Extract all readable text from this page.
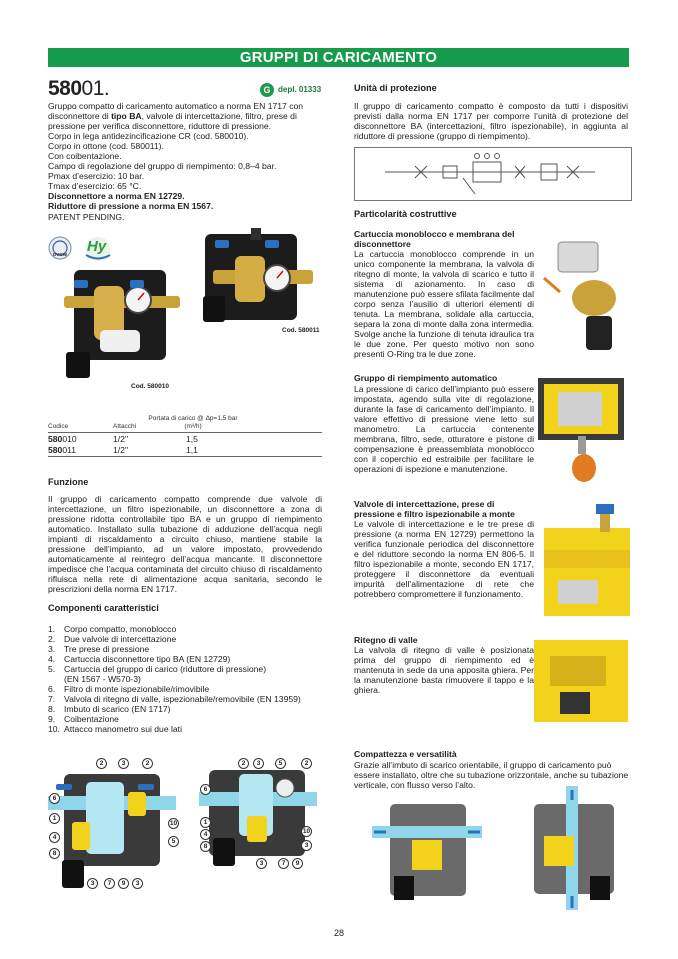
GRUPPI DI CARICAMENTO
58001.	G depl. 01333
Gruppo compatto di caricamento automatico a norma EN 1717 con
disconnettore di tipo BA, valvole di intercettazione, filtro, prese di
pressione per verifica disconnettore, riduttore di pressione.
Corpo in lega antidezincificazione CR (cod. 580010).
Corpo in ottone (cod. 580011).
Con coibentazione.
Campo di regolazione del gruppo di riempimento: 0,8–4 bar.
Pmax d’esercizio: 10 bar.
Tmax d’esercizio: 65 °C.
Disconnettore a norma EN 12729.
Riduttore di pressione a norma EN 1567.
PATENT PENDING.
DVGW	Hy
Cod. 580011
Cod. 580010
Portata di carico @ Δp=1,5 bar
(m³/h)
Codice	Attacchi
580010	1/2"	1,5
580011	1/2"	1,1
Funzione
Il gruppo di caricamento compatto comprende due valvole di intercettazione, un filtro ispezionabile, un disconnettore a zona di pressione ridotta controllabile tipo BA e un gruppo di riempimento automatico. Installato sulla tubazione di adduzione dell’acqua negli impianti di riscaldamento a circuito chiuso, mantiene stabile la pressione dell’impianto, ad un valore impostato, provvedendo automaticamente al reintegro dell’acqua mancante. Il disconnettore impedisce che l’acqua contaminata del circuito chiuso di riscaldamento rifluisca nella rete di alimentazione acqua sanitaria, secondo le prescrizioni della norma EN 1717.
Componenti caratteristici
1. Corpo compatto, monoblocco
2. Due valvole di intercettazione
3. Tre prese di pressione
4. Cartuccia disconnettore tipo BA (EN 12729)
5. Cartuccia del gruppo di carico (riduttore di pressione)
(EN 1567 - W570-3)
6. Filtro di monte ispezionabile/rimovibile
7. Valvola di ritegno di valle, ispezionabile/removibile (EN 13959)
8. Imbuto di scarico (EN 1717)
9. Coibentazione
10. Attacco manometro sui due lati
2	3	2
6
1
4
8
10
5
3	7	9	3
2	3	5	2
6
1
4
8
10
3
3	7	9
Unità di protezione
Il gruppo di caricamento compatto è composto da tutti i dispositivi previsti dalla norma EN 1717 per comporre l’unità di protezione del disconnettore BA (intercettazioni, filtro ispezionabile), in aggiunta al riduttore di pressione (gruppo di riempimento).
Particolarità costruttive
Cartuccia monoblocco e membrana del disconnettore
La cartuccia monoblocco comprende in un unico componente la membrana, la valvola di ritegno di monte, la valvola di scarico e tutto il sistema di azionamento. In caso di manutenzione può essere sfilata facilmente dal corpo senza l’ausilio di ulteriori elementi di tenuta. La membrana, solidale alla cartuccia, separa la zona di monte dalla zona intermedia. Svolge anche la funzione di tenuta idraulica tra le due zone. Per questo motivo non sono presenti O-Ring tra le due zone.
Gruppo di riempimento automatico
La pressione di carico dell’impianto può essere impostata, agendo sulla vite di regolazione, durante la fase di caricamento dell’impianto. Il valore effettivo di pressione viene letto sul manometro. La cartuccia contenente membrana, filtro, sede, otturatore e pistone di compensazione è preassemblata monoblocco con il coperchio ed estraibile per facilitare le operazioni di ispezione e manutenzione.
Valvole di intercettazione, prese di pressione e filtro ispezionabile a monte
Le valvole di intercettazione e le tre prese di pressione (a norma EN 12729) permettono la verifica funzionale periodica del disconnettore e del riduttore secondo la norma EN 806-5. Il filtro ispezionabile a monte, secondo EN 1717, proteggere il disconnettore da eventuali impurità dell’alimentazione di rete che potrebbero compromettere il funzionamento.
Ritegno di valle
La valvola di ritegno di valle è posizionata prima del gruppo di riempimento ed è mantenuta in sede da una apposita ghiera. Per la manutenzione basta rimuovere il tappo e la ghiera.
Compattezza e versatilità
Grazie all’imbuto di scarico orientabile, il gruppo di caricamento può essere installato, oltre che su tubazione orizzontale, anche su tubazione verticale, con flusso verso l’alto.
28
